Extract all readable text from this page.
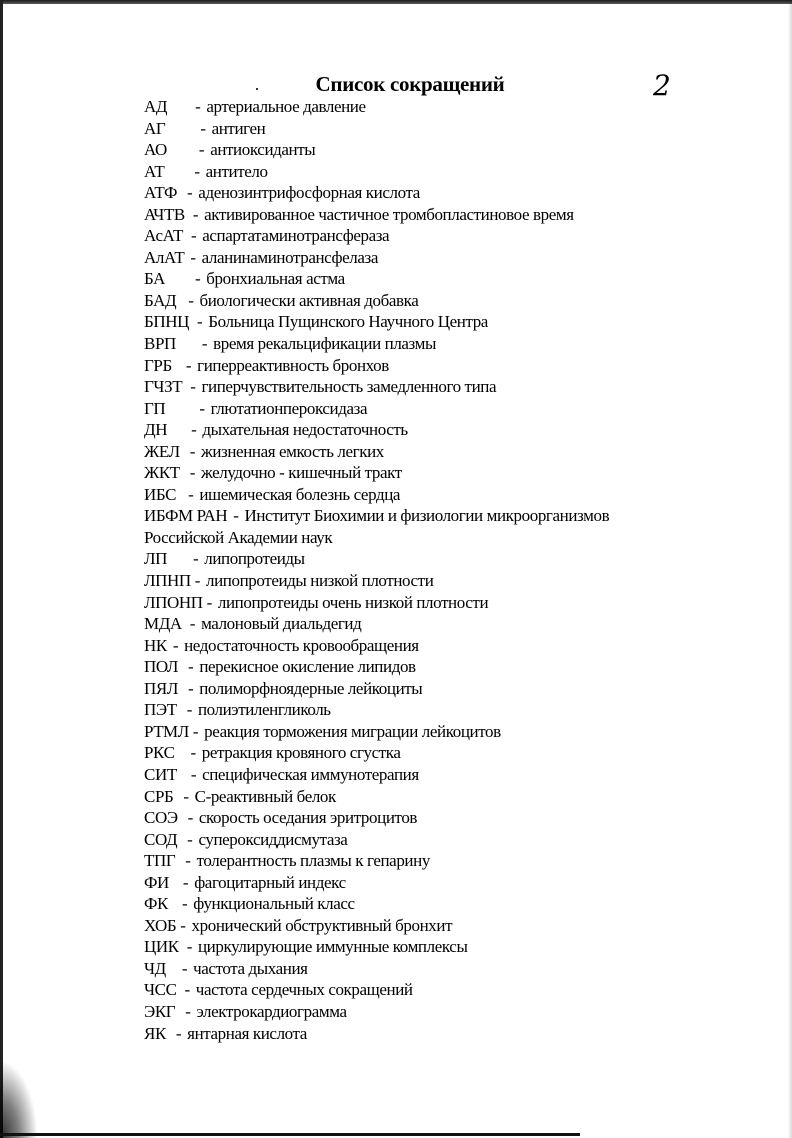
Список сокращений	2
АД - артериальное давление
АГ - антиген
АО - антиоксиданты
АТ - антитело
АТФ - аденозинтрифосфорная кислота
АЧТВ - активированное частичное тромбопластиновое время
АсАТ - аспартатаминотрансфераза
АлАТ - аланинаминотрансфелаза
БА - бронхиальная астма
БАД - биологически активная добавка
БПНЦ - Больница Пущинского Научного Центра
ВРП - время рекальцификации плазмы
ГРБ - гиперреактивность бронхов
ГЧЗТ - гиперчувствительность замедленного типа
ГП - глютатионпероксидаза
ДН - дыхательная недостаточность
ЖЕЛ - жизненная емкость легких
ЖКТ - желудочно - кишечный тракт
ИБС - ишемическая болезнь сердца
ИБФМ РАН - Институт Биохимии и физиологии микроорганизмов
Российской Академии наук
ЛП - липопротеиды
ЛПНП - липопротеиды низкой плотности
ЛПОНП - липопротеиды очень низкой плотности
МДА - малоновый диальдегид
НК - недостаточность кровообращения
ПОЛ - перекисное окисление липидов
ПЯЛ - полиморфноядерные лейкоциты
ПЭТ - полиэтиленгликоль
РТМЛ - реакция торможения миграции лейкоцитов
РКС - ретракция кровяного сгустка
СИТ - специфическая иммунотерапия
СРБ - С-реактивный белок
СОЭ - скорость оседания эритроцитов
СОД - супероксиддисмутаза
ТПГ - толерантность плазмы к гепарину
ФИ - фагоцитарный индекс
ФК - функциональный класс
ХОБ - хронический обструктивный бронхит
ЦИК - циркулирующие иммунные комплексы
ЧД - частота дыхания
ЧСС - частота сердечных сокращений
ЭКГ - электрокардиограмма
ЯК - янтарная кислота
